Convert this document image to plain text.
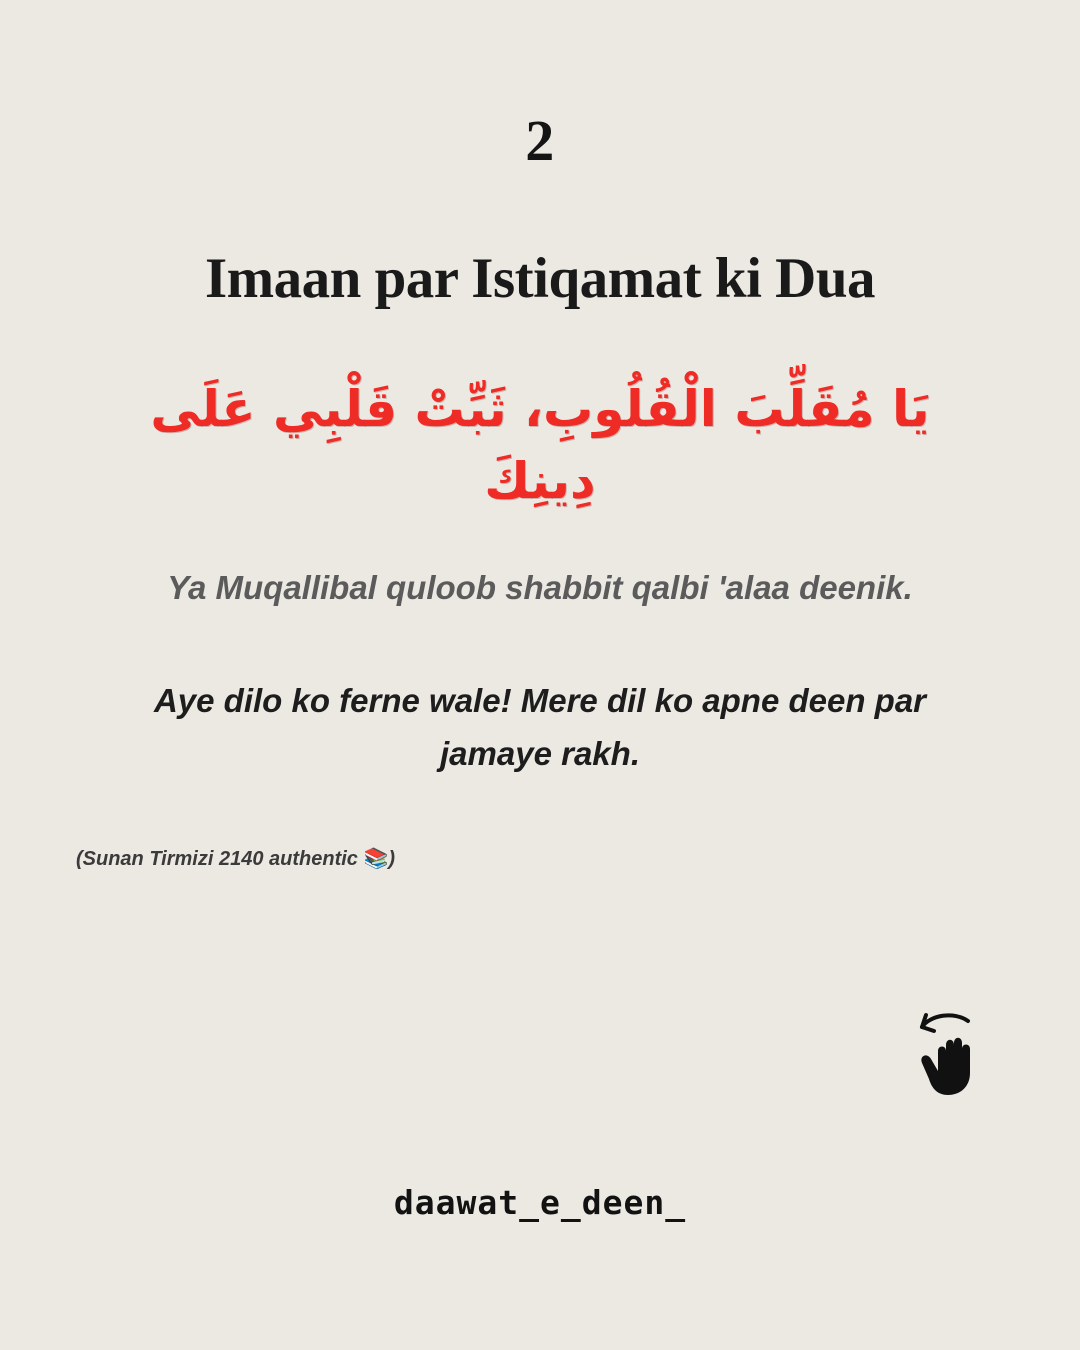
2
Imaan par Istiqamat ki Dua
يَا مُقَلِّبَ الْقُلُوبِ، ثَبِّتْ قَلْبِي عَلَى دِينِكَ
Ya Muqallibal quloob shabbit qalbi 'alaa deenik.
Aye dilo ko ferne wale! Mere dil ko apne deen par jamaye rakh.
(Sunan Tirmizi 2140 authentic 📚)
daawat_e_deen_
